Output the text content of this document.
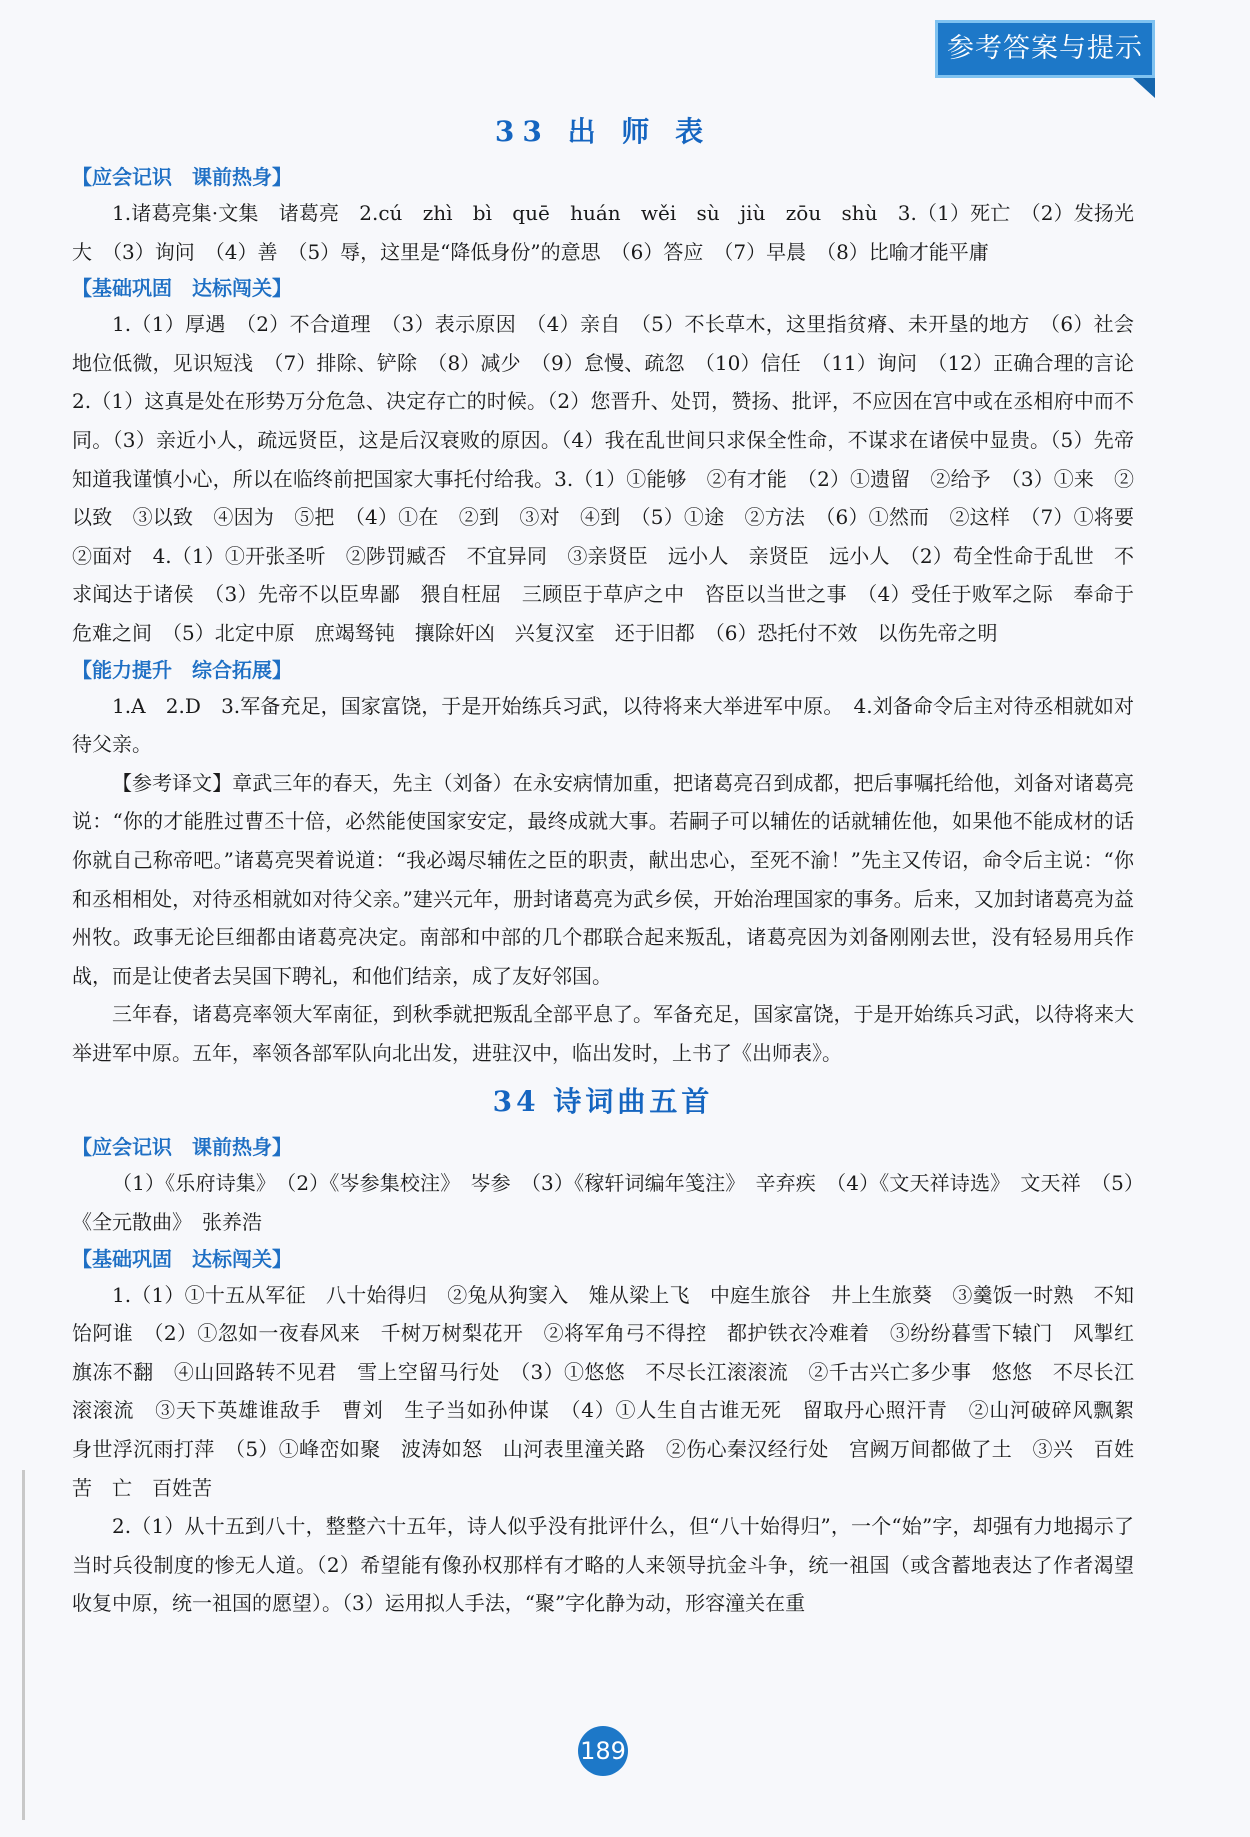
参考答案与提示
33 出 师 表
【应会记识　课前热身】

1.诸葛亮集·文集　诸葛亮　2.cú　zhì　bì　quē　huán　wěi　sù　jiù　zōu　shù　3.（1）死亡　（2）发扬光大　（3）询问　（4）善　（5）辱，这里是“降低身份”的意思　（6）答应　（7）早晨　（8）比喻才能平庸

【基础巩固　达标闯关】

1.（1）厚遇　（2）不合道理　（3）表示原因　（4）亲自　（5）不长草木，这里指贫瘠、未开垦的地方　（6）社会地位低微，见识短浅　（7）排除、铲除　（8）减少　（9）怠慢、疏忽　（10）信任　（11）询问　（12）正确合理的言论　2.（1）这真是处在形势万分危急、决定存亡的时候。（2）您晋升、处罚，赞扬、批评，不应因在宫中或在丞相府中而不同。（3）亲近小人，疏远贤臣，这是后汉衰败的原因。（4）我在乱世间只求保全性命，不谋求在诸侯中显贵。（5）先帝知道我谨慎小心，所以在临终前把国家大事托付给我。3.（1）①能够　②有才能　（2）①遗留　②给予　（3）①来　②以致　③以致　④因为　⑤把　（4）①在　②到　③对　④到　（5）①途　②方法　（6）①然而　②这样　（7）①将要　②面对　4.（1）①开张圣听　②陟罚臧否　不宜异同　③亲贤臣　远小人　亲贤臣　远小人　（2）苟全性命于乱世　不求闻达于诸侯　（3）先帝不以臣卑鄙　猥自枉屈　三顾臣于草庐之中　咨臣以当世之事　（4）受任于败军之际　奉命于危难之间　（5）北定中原　庶竭驽钝　攘除奸凶　兴复汉室　还于旧都　（6）恐托付不效　以伤先帝之明

【能力提升　综合拓展】

1.A　2.D　3.军备充足，国家富饶，于是开始练兵习武，以待将来大举进军中原。　4.刘备命令后主对待丞相就如对待父亲。

【参考译文】章武三年的春天，先主（刘备）在永安病情加重，把诸葛亮召到成都，把后事嘱托给他，刘备对诸葛亮说：“你的才能胜过曹丕十倍，必然能使国家安定，最终成就大事。若嗣子可以辅佐的话就辅佐他，如果他不能成材的话你就自己称帝吧。”诸葛亮哭着说道：“我必竭尽辅佐之臣的职责，献出忠心，至死不渝！”先主又传诏，命令后主说：“你和丞相相处，对待丞相就如对待父亲。”建兴元年，册封诸葛亮为武乡侯，开始治理国家的事务。后来，又加封诸葛亮为益州牧。政事无论巨细都由诸葛亮决定。南部和中部的几个郡联合起来叛乱，诸葛亮因为刘备刚刚去世，没有轻易用兵作战，而是让使者去吴国下聘礼，和他们结亲，成了友好邻国。

三年春，诸葛亮率领大军南征，到秋季就把叛乱全部平息了。军备充足，国家富饶，于是开始练兵习武，以待将来大举进军中原。五年，率领各部军队向北出发，进驻汉中，临出发时，上书了《出师表》。

34 诗词曲五首
【应会记识　课前热身】

（1）《乐府诗集》　（2）《岑参集校注》　岑参　（3）《稼轩词编年笺注》　辛弃疾　（4）《文天祥诗选》　文天祥　（5）《全元散曲》　张养浩

【基础巩固　达标闯关】

1.（1）①十五从军征　八十始得归　②兔从狗窦入　雉从梁上飞　中庭生旅谷　井上生旅葵　③羹饭一时熟　不知饴阿谁　（2）①忽如一夜春风来　千树万树梨花开　②将军角弓不得控　都护铁衣冷难着　③纷纷暮雪下辕门　风掣红旗冻不翻　④山回路转不见君　雪上空留马行处　（3）①悠悠　不尽长江滚滚流　②千古兴亡多少事　悠悠　不尽长江滚滚流　③天下英雄谁敌手　曹刘　生子当如孙仲谋　（4）①人生自古谁无死　留取丹心照汗青　②山河破碎风飘絮　身世浮沉雨打萍　（5）①峰峦如聚　波涛如怒　山河表里潼关路　②伤心秦汉经行处　宫阙万间都做了土　③兴　百姓苦　亡　百姓苦

2.（1）从十五到八十，整整六十五年，诗人似乎没有批评什么，但“八十始得归”，一个“始”字，却强有力地揭示了当时兵役制度的惨无人道。（2）希望能有像孙权那样有才略的人来领导抗金斗争，统一祖国（或含蓄地表达了作者渴望收复中原，统一祖国的愿望）。（3）运用拟人手法，“聚”字化静为动，形容潼关在重

189
